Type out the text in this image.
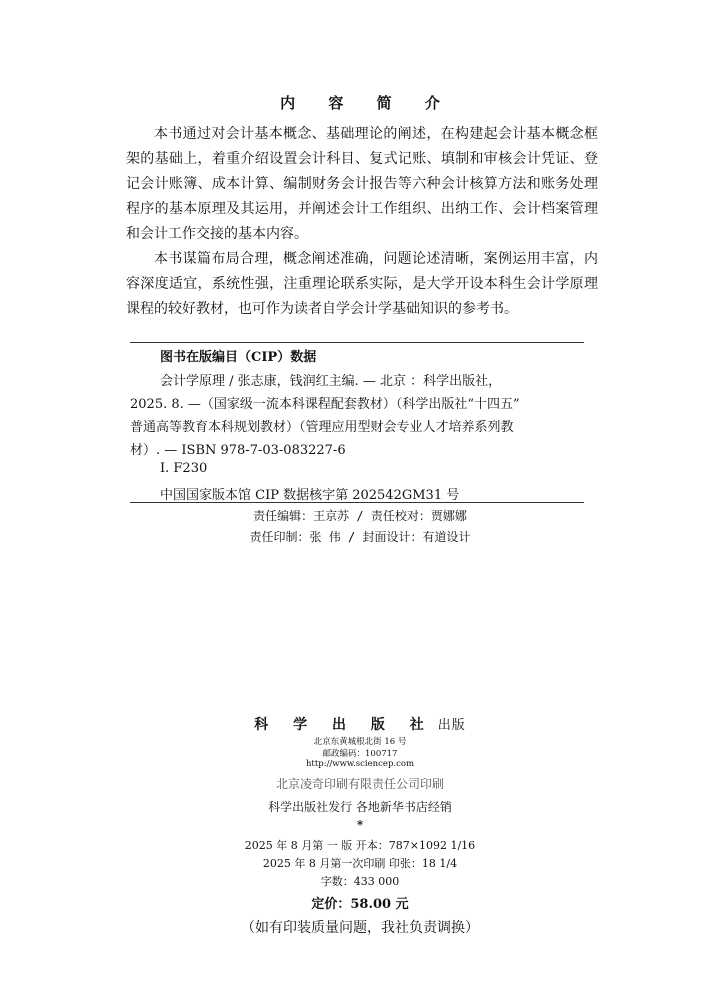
内 容 简 介

本书通过对会计基本概念、基础理论的阐述，在构建起会计基本概念框架的基础上，着重介绍设置会计科目、复式记账、填制和审核会计凭证、登记会计账簿、成本计算、编制财务会计报告等六种会计核算方法和账务处理程序的基本原理及其运用，并阐述会计工作组织、出纳工作、会计档案管理和会计工作交接的基本内容。

本书谋篇布局合理，概念阐述准确，问题论述清晰，案例运用丰富，内容深度适宜，系统性强，注重理论联系实际，是大学开设本科生会计学原理课程的较好教材，也可作为读者自学会计学基础知识的参考书。

图书在版编目（CIP）数据

会计学原理 / 张志康，钱润红主编. — 北京 ：科学出版社，

2025. 8. —（国家级一流本科课程配套教材）（科学出版社“十四五”

普通高等教育本科规划教材）（管理应用型财会专业人才培养系列教

材）. — ISBN 978-7-03-083227-6

Ⅰ. F230
中国国家版本馆 CIP 数据核字第 202542GM31 号
责任编辑：王京苏 / 责任校对：贾娜娜
责任印制：张 伟 / 封面设计：有道设计
科 学 出 版 社 出版
北京东黄城根北街 16 号
邮政编码：100717
http://www.sciencep.com
北京凌奇印刷有限责任公司印刷
科学出版社发行 各地新华书店经销
*
2025 年 8 月第 一 版 开本：787×1092 1/16
2025 年 8 月第一次印刷 印张：18 1/4
字数：433 000
定价：58.00 元
（如有印装质量问题，我社负责调换）
